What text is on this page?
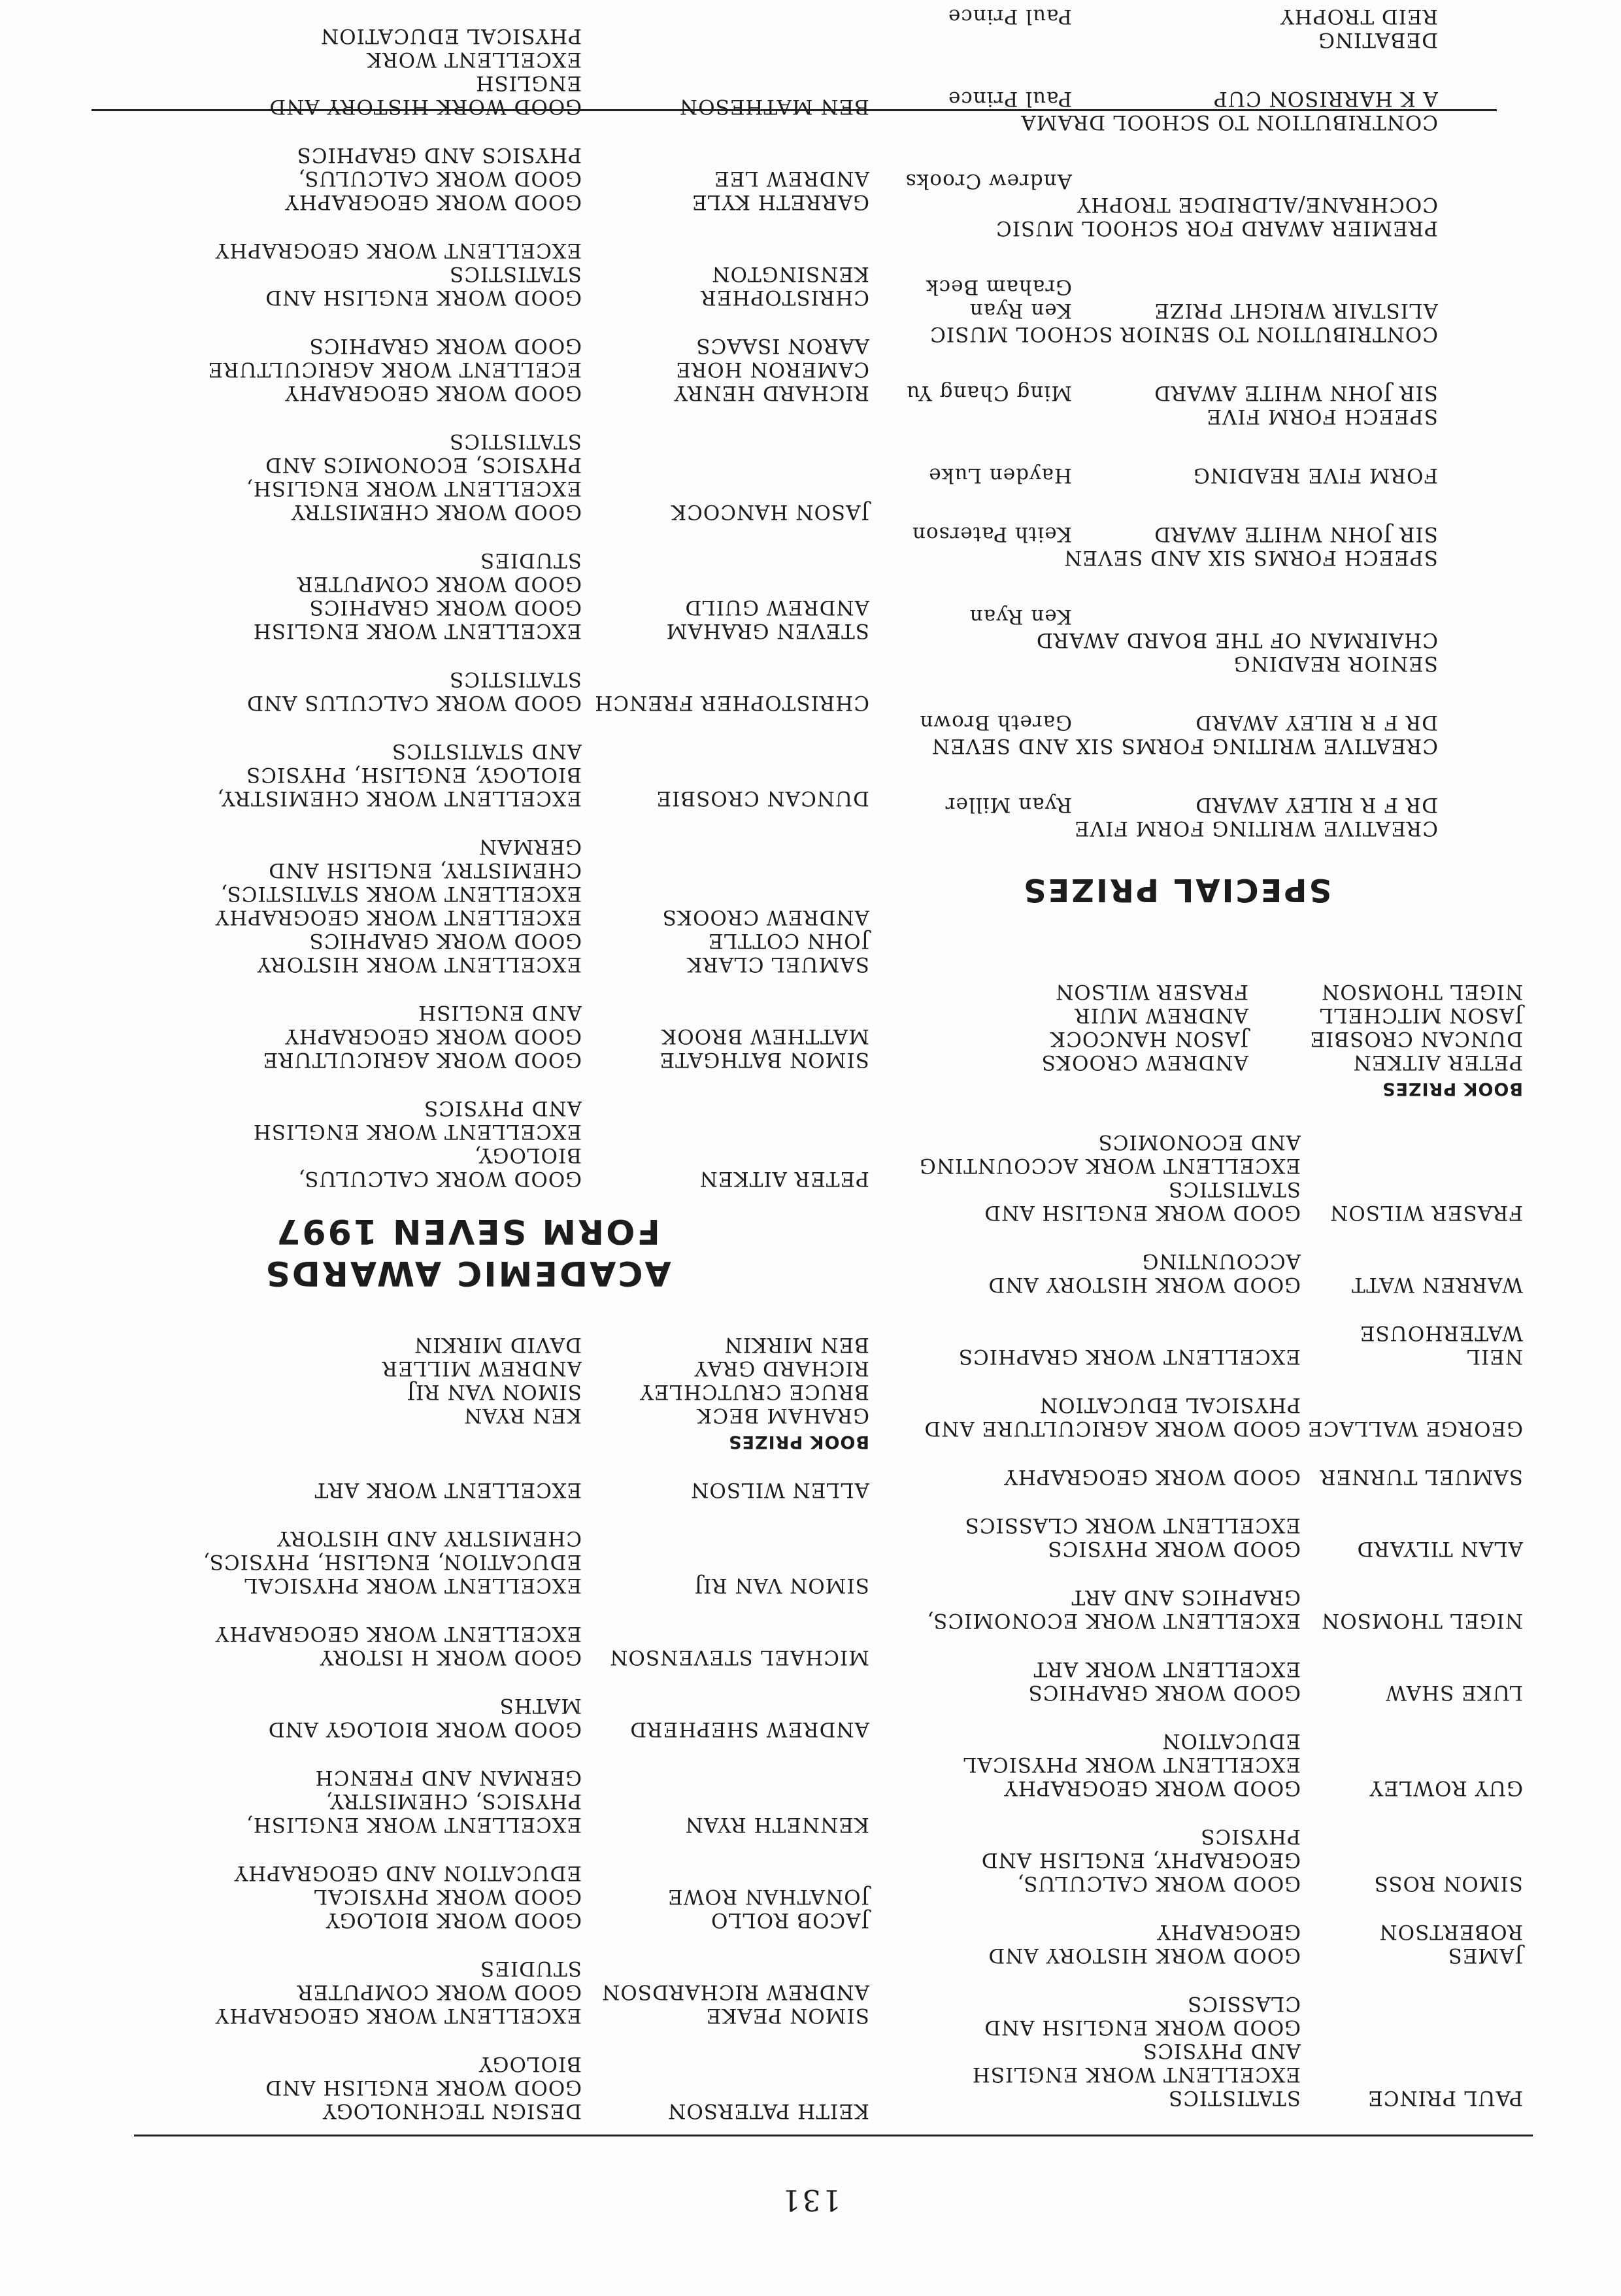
131
PAUL PRINCE
STATISTICS
EXCELLENT WORK ENGLISH
AND PHYSICS
GOOD WORK ENGLISH AND
CLASSICS
JAMES ROBERTSON
GOOD WORK HISTORY AND
GEOGRAPHY
SIMON ROSS
GOOD WORK CALCULUS,
GEOGRAPHY, ENGLISH AND
PHYSICS
GUY ROWLEY
GOOD WORK GEOGRAPHY
EXCELLENT WORK PHYSICAL
EDUCATION
LUKE SHAW
GOOD WORK GRAPHICS
EXCELLENT WORK ART
NIGEL THOMSON
EXCELLENT WORK ECONOMICS,
GRAPHICS AND ART
ALAN TILYARD
GOOD WORK PHYSICS
EXCELLENT WORK CLASSICS
SAMUEL TURNER
GOOD WORK GEOGRAPHY
GEORGE WALLACE
GOOD WORK AGRICULTURE AND
PHYSICAL EDUCATION
NEIL WATERHOUSE
EXCELLENT WORK GRAPHICS
WARREN WATT
GOOD WORK HISTORY AND
ACCOUNTING
FRASER WILSON
GOOD WORK ENGLISH AND
STATISTICS
EXCELLENT WORK ACCOUNTING
AND ECONOMICS
BOOK PRIZES
PETER AITKEN
DUNCAN CROSBIE
JASON MITCHELL
NIGEL THOMSON
ANDREW CROOKS
JASON HANCOCK
ANDREW MUIR
FRASER WILSON
SPECIAL PRIZES
CREATIVE WRITING FORM FIVE
DR F R RILEY AWARD
Ryan Miller
CREATIVE WRITING FORMS SIX AND SEVEN
DR F R RILEY AWARD
Gareth Brown
SENIOR READING
CHAIRMAN OF THE BOARD AWARD
Ken Ryan
SPEECH FORMS SIX AND SEVEN
SIR JOHN WHITE AWARD
Keith Paterson
FORM FIVE READING
Hayden Luke
SPEECH FORM FIVE
SIR JOHN WHITE AWARD
Ming Chang Yu
CONTRIBUTION TO SENIOR SCHOOL MUSIC
ALISTAIR WRIGHT PRIZE
Ken Ryan
Graham Beck
PREMIER AWARD FOR SCHOOL MUSIC
COCHRANE/ALDRIDGE TROPHY
Andrew Crooks
CONTRIBUTION TO SCHOOL DRAMA
A K HARRISON CUP
Paul Prince
DEBATING
REID TROPHY
Paul Prince
KEITH PATERSON
DESIGN TECHNOLOGY
GOOD WORK ENGLISH AND
BIOLOGY
SIMON PEAKE
ANDREW RICHARDSON
EXCELLENT WORK GEOGRAPHY
GOOD WORK COMPUTER
STUDIES
JACOB ROLLO
JONATHAN ROWE
GOOD WORK BIOLOGY
GOOD WORK PHYSICAL
EDUCATION AND GEOGRAPHY
KENNETH RYAN
EXCELLENT WORK ENGLISH,
PHYSICS, CHEMISTRY,
GERMAN AND FRENCH
ANDREW SHEPHERD
GOOD WORK BIOLOGY AND
MATHS
MICHAEL STEVENSON
GOOD WORK H ISTORY
EXCELLENT WORK GEOGRAPHY
SIMON VAN RIJ
EXCELLENT WORK PHYSICAL
EDUCATION, ENGLISH, PHYSICS,
CHEMISTRY AND HISTORY
ALLEN WILSON
EXCELLENT WORK ART
BOOK PRIZES
GRAHAM BECK
BRUCE CRUTCHLEY
RICHARD GRAY
BEN MIRKIN
KEN RYAN
SIMON VAN RIJ
ANDREW MILLER
DAVID MIRKIN
ACADEMIC AWARDS
FORM SEVEN 1997
PETER AITKEN
GOOD WORK CALCULUS,
BIOLOGY,
EXCELLENT WORK ENGLISH
AND PHYSICS
SIMON BATHGATE
MATTHEW BROOK
GOOD WORK AGRICULTURE
GOOD WORK GEOGRAPHY
AND ENGLISH
SAMUEL CLARK
JOHN COTTLE
ANDREW CROOKS
EXCELLENT WORK HISTORY
GOOD WORK GRAPHICS
EXCELLENT WORK GEOGRAPHY
EXCELLENT WORK STATISTICS,
CHEMISTRY, ENGLISH AND
GERMAN
DUNCAN CROSBIE
EXCELLENT WORK CHEMISTRY,
BIOLOGY, ENGLISH, PHYSICS
AND STATISTICS
CHRISTOPHER FRENCH
GOOD WORK CALCULUS AND
STATISTICS
STEVEN GRAHAM
ANDREW GUILD
EXCELLENT WORK ENGLISH
GOOD WORK GRAPHICS
GOOD WORK COMPUTER
STUDIES
JASON HANCOCK
GOOD WORK CHEMISTRY
EXCELLENT WORK ENGLISH,
PHYSICS, ECONOMICS AND
STATISTICS
RICHARD HENRY
CAMERON HORE
AARON ISAACS
GOOD WORK GEOGRAPHY
ECELLENT WORK AGRICULTURE
GOOD WORK GRAPHICS
CHRISTOPHER
KENSINGTON
GOOD WORK ENGLISH AND
STATISTICS
EXCELLENT WORK GEOGRAPHY
GARRETH KYLE
ANDREW LEE
GOOD WORK GEOGRAPHY
GOOD WORK CALCULUS,
PHYSICS AND GRAPHICS
BEN MATHESON
GOOD WORK HISTORY AND
ENGLISH
EXCELLENT WORK
PHYSICAL EDUCATION
